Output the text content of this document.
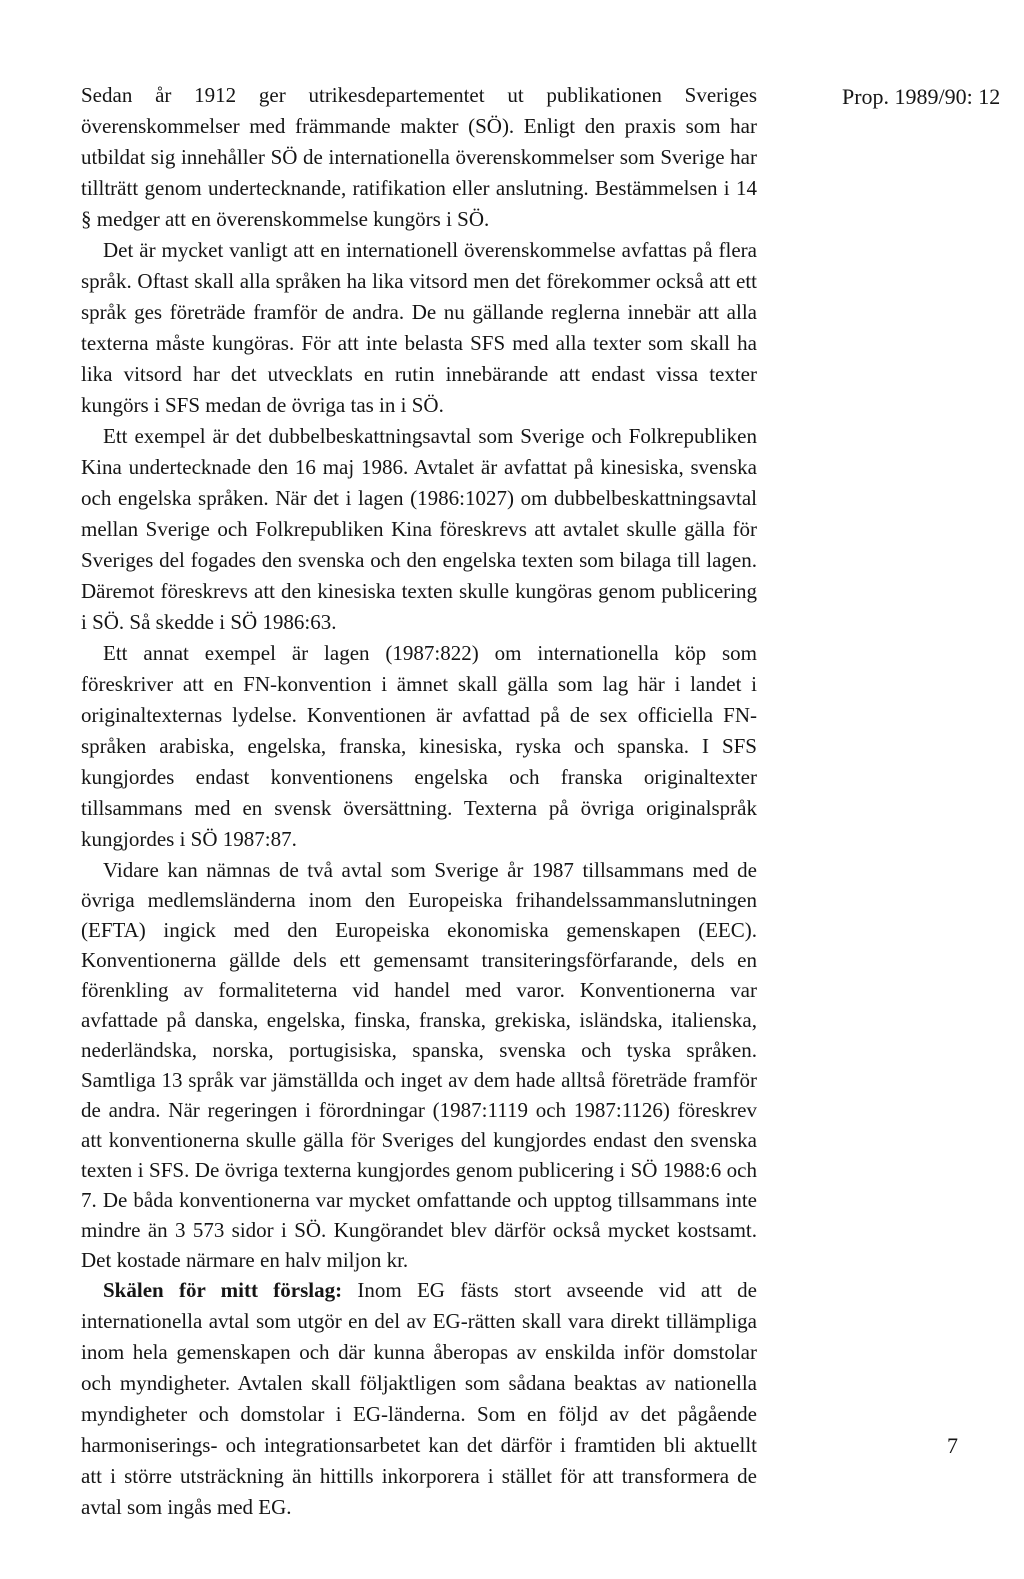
Prop. 1989/90: 12

Sedan år 1912 ger utrikesdepartementet ut publikationen Sveriges överenskommelser med främmande makter (SÖ). Enligt den praxis som har utbildat sig innehåller SÖ de internationella överenskommelser som Sverige har tillträtt genom undertecknande, ratifikation eller anslutning. Bestämmelsen i 14 § medger att en överenskommelse kungörs i SÖ.

Det är mycket vanligt att en internationell överenskommelse avfattas på flera språk. Oftast skall alla språken ha lika vitsord men det förekommer också att ett språk ges företräde framför de andra. De nu gällande reglerna innebär att alla texterna måste kungöras. För att inte belasta SFS med alla texter som skall ha lika vitsord har det utvecklats en rutin innebärande att endast vissa texter kungörs i SFS medan de övriga tas in i SÖ.

Ett exempel är det dubbelbeskattningsavtal som Sverige och Folkrepubliken Kina undertecknade den 16 maj 1986. Avtalet är avfattat på kinesiska, svenska och engelska språken. När det i lagen (1986:1027) om dubbelbeskattningsavtal mellan Sverige och Folkrepubliken Kina föreskrevs att avtalet skulle gälla för Sveriges del fogades den svenska och den engelska texten som bilaga till lagen. Däremot föreskrevs att den kinesiska texten skulle kungöras genom publicering i SÖ. Så skedde i SÖ 1986:63.

Ett annat exempel är lagen (1987:822) om internationella köp som föreskriver att en FN-konvention i ämnet skall gälla som lag här i landet i originaltexternas lydelse. Konventionen är avfattad på de sex officiella FN-språken arabiska, engelska, franska, kinesiska, ryska och spanska. I SFS kungjordes endast konventionens engelska och franska originaltexter tillsammans med en svensk översättning. Texterna på övriga originalspråk kungjordes i SÖ 1987:87.

Vidare kan nämnas de två avtal som Sverige år 1987 tillsammans med de övriga medlemsländerna inom den Europeiska frihandelssammanslutningen (EFTA) ingick med den Europeiska ekonomiska gemenskapen (EEC). Konventionerna gällde dels ett gemensamt transiteringsförfarande, dels en förenkling av formaliteterna vid handel med varor. Konventionerna var avfattade på danska, engelska, finska, franska, grekiska, isländska, italienska, nederländska, norska, portugisiska, spanska, svenska och tyska språken. Samtliga 13 språk var jämställda och inget av dem hade alltså företräde framför de andra. När regeringen i förordningar (1987:1119 och 1987:1126) föreskrev att konventionerna skulle gälla för Sveriges del kungjordes endast den svenska texten i SFS. De övriga texterna kungjordes genom publicering i SÖ 1988:6 och 7. De båda konventionerna var mycket omfattande och upptog tillsammans inte mindre än 3 573 sidor i SÖ. Kungörandet blev därför också mycket kostsamt. Det kostade närmare en halv miljon kr.

Skälen för mitt förslag: Inom EG fästs stort avseende vid att de internationella avtal som utgör en del av EG-rätten skall vara direkt tillämpliga inom hela gemenskapen och där kunna åberopas av enskilda inför domstolar och myndigheter. Avtalen skall följaktligen som sådana beaktas av nationella myndigheter och domstolar i EG-länderna. Som en följd av det pågående harmoniserings- och integrationsarbetet kan det därför i framtiden bli aktuellt att i större utsträckning än hittills inkorporera i stället för att transformera de avtal som ingås med EG.

7
